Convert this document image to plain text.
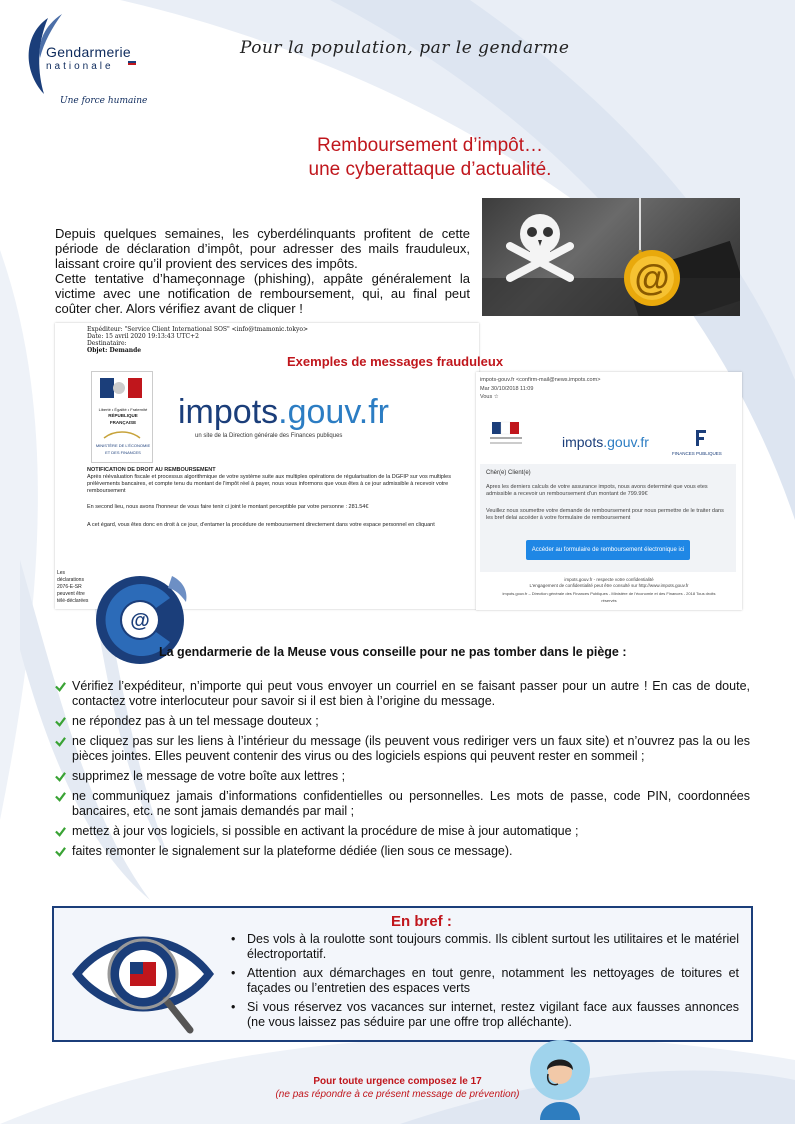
Gendarmerie
nationale
Une force humaine
Pour la population, par le gendarme
Remboursement d’impôt…
une cyberattaque d’actualité.

Depuis quelques semaines, les cyberdélinquants profitent de cette période de déclaration d’impôt, pour adresser des mails frauduleux, laissant croire qu’il provient des services des impôts.

Cette tentative d’hameçonnage (phishing), appâte généralement la victime avec une notification de remboursement, qui, au final peut coûter cher. Alors vérifiez avant de cliquer !

@
Expéditeur: "Service Client International SOS" <info@tmamonic.tokyo>
Date: 15 avril 2020 19:13:43 UTC+2
Destinataire:
Objet: Demande
Liberté • Égalité • Fraternité
RÉPUBLIQUE FRANÇAISE
MINISTÈRE DE L'ÉCONOMIE ET DES FINANCES
impots.gouv.fr
un site de la Direction générale des Finances publiques
NOTIFICATION DE DROIT AU REMBOURSEMENT
Après réévaluation fiscale et processus algorithmique de votre système suite aux multiples opérations de régularisation de la DGFIP sur vos multiples prélèvements bancaires, et compte tenu du montant de l'impôt réel à payer, nous vous informons que vous êtes à ce jour admissible à recevoir votre remboursement
En second lieu, nous avons l'honneur de vous faire tenir ci joint le montant perceptible par votre personne : 281.54€
A cet égard, vous êtes donc en droit à ce jour, d'entamer la procédure de remboursement directement dans votre espace personnel en cliquant
Les déclarations 2076-E-SR peuvent être télé-déclarées
Exemples de messages frauduleux
impots-gouv.fr <confirm-mail@news.impots.com>
Mar 30/10/2018 11:09
Vous ☆
impots.gouv.fr
FINANCES PUBLIQUES
Chèr(e) Client(e)
Apres les derniers calculs de votre assurance impots, nous avons determiné que vous etes admissible a recevoir un remboursement d'un montant de 799.99€
Veuillez nous soumettre votre demande de remboursement pour nous permettre de le traiter dans les bref delai accéder à votre formulaire de remboursement
Accéder au formulaire de remboursement électronique ici
impots.gouv.fr - respecte votre confidentialité
L'engagement de confidentialité peut être consulté sur http://www.impots.gouv.fr
impots.gouv.fr – Direction générale des Finances Publiques - Ministère de l'économie et des Finances - 2018 Tous droits réservés
@
La gendarmerie de la Meuse vous conseille pour ne pas tomber dans le piège :
Vérifiez l’expéditeur, n’importe qui peut vous envoyer un courriel en se faisant passer pour un autre ! En cas de doute, contactez votre interlocuteur pour savoir si il est bien à l’origine du message.
ne répondez pas à un tel message douteux ;
ne cliquez pas sur les liens à l’intérieur du message (ils peuvent vous rediriger vers un faux site) et n’ouvrez pas la ou les pièces jointes. Elles peuvent contenir des virus ou des logiciels espions qui peuvent rester en sommeil ;
supprimez le message de votre boîte aux lettres ;
ne communiquez jamais d’informations confidentielles ou personnelles. Les mots de passe, code PIN, coordonnées bancaires, etc. ne sont jamais demandés par mail ;
mettez à jour vos logiciels, si possible en activant la procédure de mise à jour automatique ;
faites remonter le signalement sur la plateforme dédiée (lien sous ce message).
En bref :
• Des vols à la roulotte sont toujours commis. Ils ciblent surtout les utilitaires et le matériel électroportatif.
• Attention aux démarchages en tout genre, notamment les nettoyages de toitures et façades ou l’entretien des espaces verts
• Si vous réservez vos vacances sur internet, restez vigilant face aux fausses annonces (ne vous laissez pas séduire par une offre trop alléchante).
Pour toute urgence composez le 17
(ne pas répondre à ce présent message de prévention)
